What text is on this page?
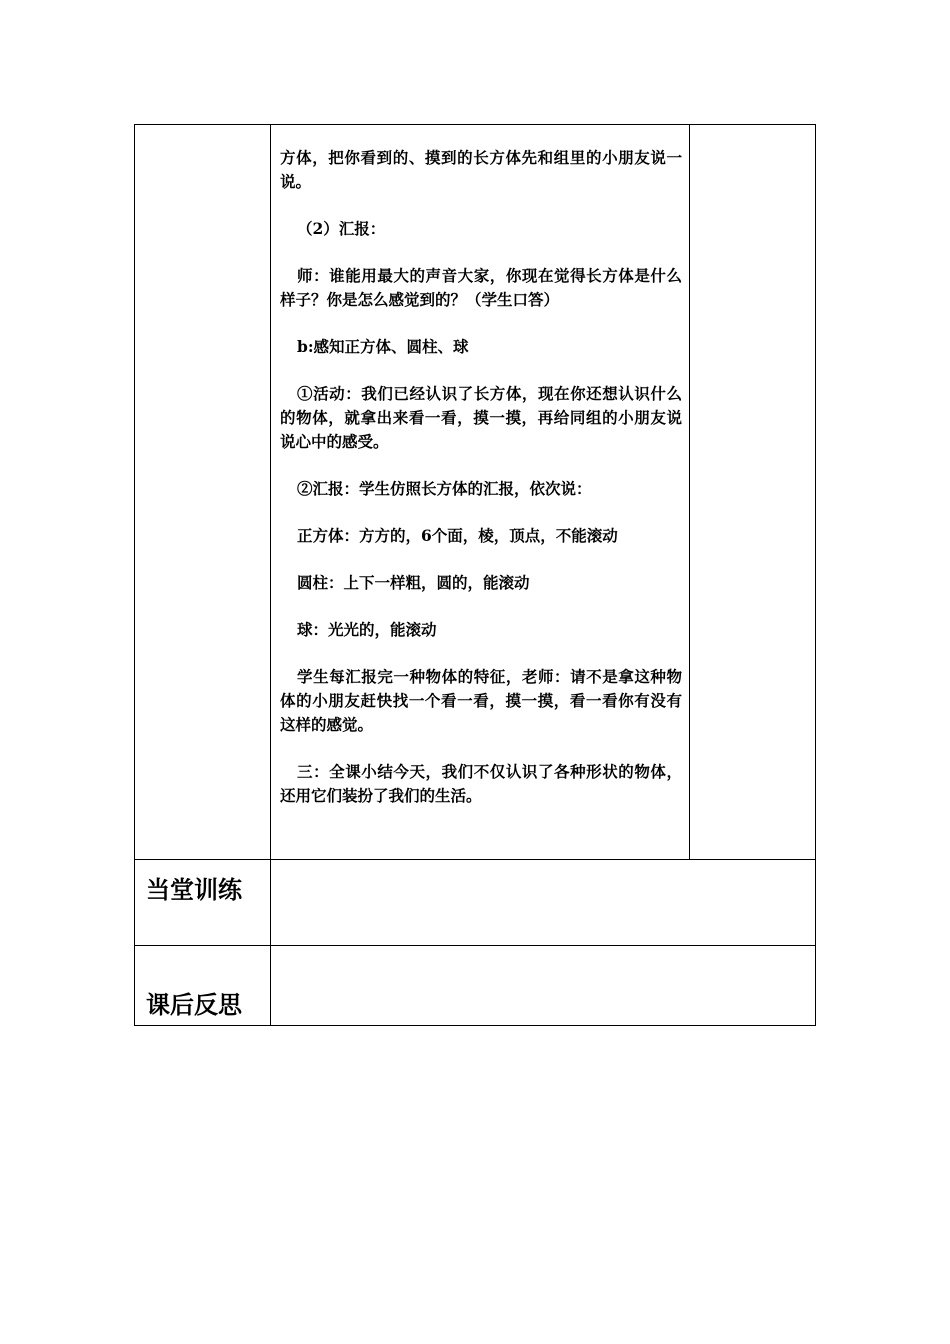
方体，把你看到的、摸到的长方体先和组里的小朋友说一说。

（2）汇报：

师：谁能用最大的声音大家，你现在觉得长方体是什么样子？你是怎么感觉到的？（学生口答）

b:感知正方体、圆柱、球

①活动：我们已经认识了长方体，现在你还想认识什么的物体，就拿出来看一看，摸一摸，再给同组的小朋友说说心中的感受。

②汇报：学生仿照长方体的汇报，依次说：

正方体：方方的，6个面，棱，顶点，不能滚动

圆柱：上下一样粗，圆的，能滚动

球：光光的，能滚动

学生每汇报完一种物体的特征，老师：请不是拿这种物体的小朋友赶快找一个看一看，摸一摸，看一看你有没有这样的感觉。

三：全课小结今天，我们不仅认识了各种形状的物体，还用它们装扮了我们的生活。

当堂训练
课后反思
